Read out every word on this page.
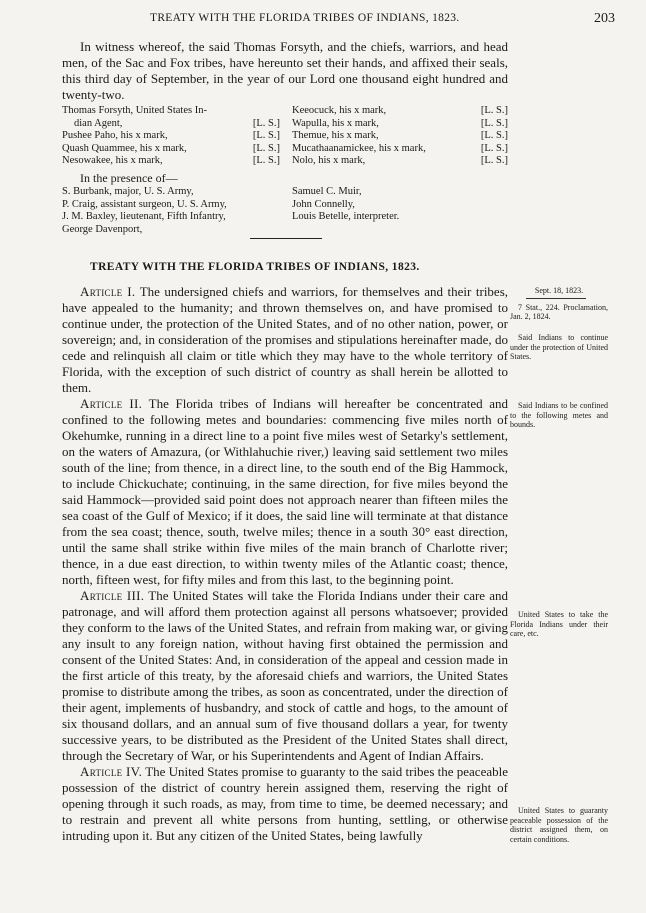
TREATY WITH THE FLORIDA TRIBES OF INDIANS, 1823.	203

In witness whereof, the said Thomas Forsyth, and the chiefs, warriors, and head men, of the Sac and Fox tribes, have hereunto set their hands, and affixed their seals, this third day of September, in the year of our Lord one thousand eight hundred and twenty-two.

Thomas Forsyth, United States In-
dian Agent,	[L. S.]
Pushee Paho, his x mark,	[L. S.]
Quash Quammee, his x mark,	[L. S.]
Nesowakee, his x mark,	[L. S.]
Keeocuck, his x mark,	[L. S.]
Wapulla, his x mark,	[L. S.]
Themue, his x mark,	[L. S.]
Mucathaanamickee, his x mark,	[L. S.]
Nolo, his x mark,	[L. S.]
In the presence of—
S. Burbank, major, U. S. Army,
P. Craig, assistant surgeon, U. S. Army,
J. M. Baxley, lieutenant, Fifth Infantry,
George Davenport,
Samuel C. Muir,
John Connelly,
Louis Betelle, interpreter.
TREATY WITH THE FLORIDA TRIBES OF INDIANS, 1823.

Article I. The undersigned chiefs and warriors, for themselves and their tribes, have appealed to the humanity; and thrown themselves on, and have promised to continue under, the protection of the United States, and of no other nation, power, or sovereign; and, in consideration of the promises and stipulations hereinafter made, do cede and relinquish all claim or title which they may have to the whole territory of Florida, with the exception of such district of country as shall herein be allotted to them.

Article II. The Florida tribes of Indians will hereafter be concentrated and confined to the following metes and boundaries: commencing five miles north of Okehumke, running in a direct line to a point five miles west of Setarky's settlement, on the waters of Amazura, (or Withlahuchie river,) leaving said settlement two miles south of the line; from thence, in a direct line, to the south end of the Big Hammock, to include Chickuchate; continuing, in the same direction, for five miles beyond the said Hammock—provided said point does not approach nearer than fifteen miles the sea coast of the Gulf of Mexico; if it does, the said line will terminate at that distance from the sea coast; thence, south, twelve miles; thence in a south 30° east direction, until the same shall strike within five miles of the main branch of Charlotte river; thence, in a due east direction, to within twenty miles of the Atlantic coast; thence, north, fifteen west, for fifty miles and from this last, to the beginning point.

Article III. The United States will take the Florida Indians under their care and patronage, and will afford them protection against all persons whatsoever; provided they conform to the laws of the United States, and refrain from making war, or giving any insult to any foreign nation, without having first obtained the permission and consent of the United States: And, in consideration of the appeal and cession made in the first article of this treaty, by the aforesaid chiefs and warriors, the United States promise to distribute among the tribes, as soon as concentrated, under the direction of their agent, implements of husbandry, and stock of cattle and hogs, to the amount of six thousand dollars, and an annual sum of five thousand dollars a year, for twenty successive years, to be distributed as the President of the United States shall direct, through the Secretary of War, or his Superintendents and Agent of Indian Affairs.

Article IV. The United States promise to guaranty to the said tribes the peaceable possession of the district of country herein assigned them, reserving the right of opening through it such roads, as may, from time to time, be deemed necessary; and to restrain and prevent all white persons from hunting, settling, or otherwise intruding upon it. But any citizen of the United States, being lawfully

Sept. 18, 1823.

7 Stat., 224. Proclamation, Jan. 2, 1824.

Said Indians to continue under the protection of United States.

Said Indians to be confined to the following metes and bounds.

United States to take the Florida Indians under their care, etc.

United States to guaranty peaceable possession of the district assigned them, on certain conditions.
